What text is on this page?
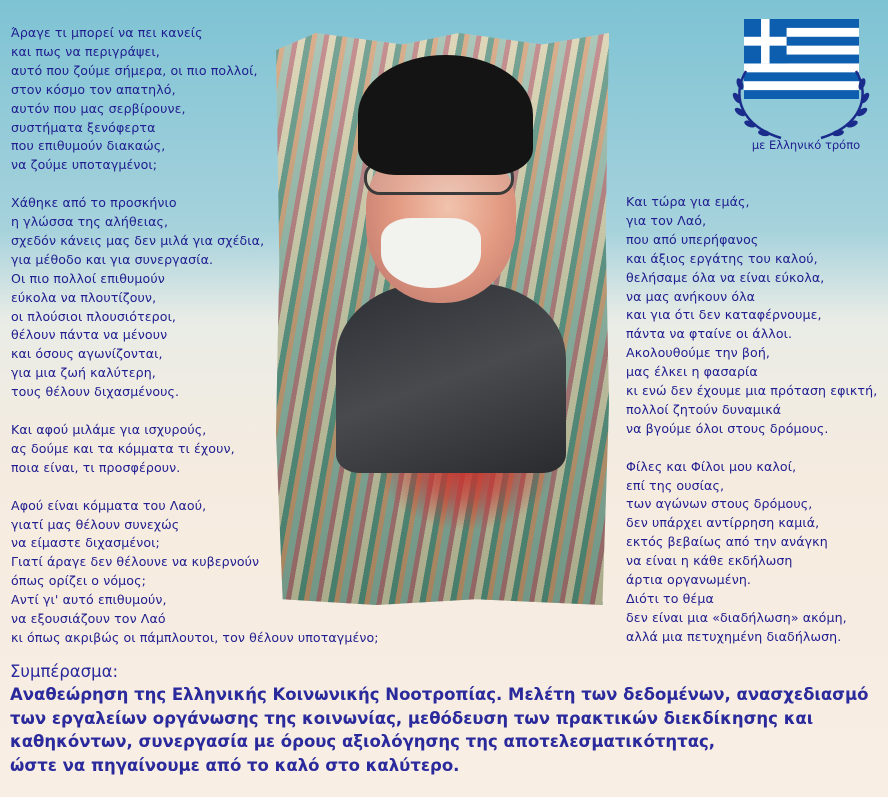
Άραγε τι μπορεί να πει κανείς
και πως να περιγράψει,
αυτό που ζούμε σήμερα, οι πιο πολλοί,
στον κόσμο τον απατηλό,
αυτόν που μας σερβίρουνε,
συστήματα ξενόφερτα
που επιθυμούν διακαώς,
να ζούμε υποταγμένοι;
Χάθηκε από το προσκήνιο
η γλώσσα της αλήθειας,
σχεδόν κάνεις μας δεν μιλά για σχέδια,
για μέθοδο και για συνεργασία.
Οι πιο πολλοί επιθυμούν
εύκολα να πλουτίζουν,
οι πλούσιοι πλουσιότεροι,
θέλουν πάντα να μένουν
και όσους αγωνίζονται,
για μια ζωή καλύτερη,
τους θέλουν διχασμένους.
Και αφού μιλάμε για ισχυρούς,
ας δούμε και τα κόμματα τι έχουν,
ποια είναι, τι προσφέρουν.
Αφού είναι κόμματα του Λαού,
γιατί μας θέλουν συνεχώς
να είμαστε διχασμένοι;
Γιατί άραγε δεν θέλουνε να κυβερνούν
όπως ορίζει ο νόμος;
Αντί γι' αυτό επιθυμούν,
να εξουσιάζουν τον Λαό
κι όπως ακριβώς οι πάμπλουτοι, τον θέλουν υποταγμένο;
με Ελληνικό τρόπο
Και τώρα για εμάς,
για τον Λαό,
που από υπερήφανος
και άξιος εργάτης του καλού,
θελήσαμε όλα να είναι εύκολα,
να μας ανήκουν όλα
και για ότι δεν καταφέρνουμε,
πάντα να φταίνε οι άλλοι.
Ακολουθούμε την βοή,
μας έλκει η φασαρία
κι ενώ δεν έχουμε μια πρόταση εφικτή,
πολλοί ζητούν δυναμικά
να βγούμε όλοι στους δρόμους.
Φίλες και Φίλοι μου καλοί,
επί της ουσίας,
των αγώνων στους δρόμους,
δεν υπάρχει αντίρρηση καμιά,
εκτός βεβαίως από την ανάγκη
να είναι η κάθε εκδήλωση
άρτια οργανωμένη.
Διότι το θέμα
δεν είναι μια «διαδήλωση» ακόμη,
αλλά μια πετυχημένη διαδήλωση.
Συμπέρασμα:
Αναθεώρηση της Ελληνικής Κοινωνικής Νοοτροπίας. Μελέτη των δεδομένων, ανασχεδιασμό
των εργαλείων οργάνωσης της κοινωνίας, μεθόδευση των πρακτικών διεκδίκησης και
καθηκόντων, συνεργασία με όρους αξιολόγησης της αποτελεσματικότητας,
ώστε να πηγαίνουμε από το καλό στο καλύτερο.
